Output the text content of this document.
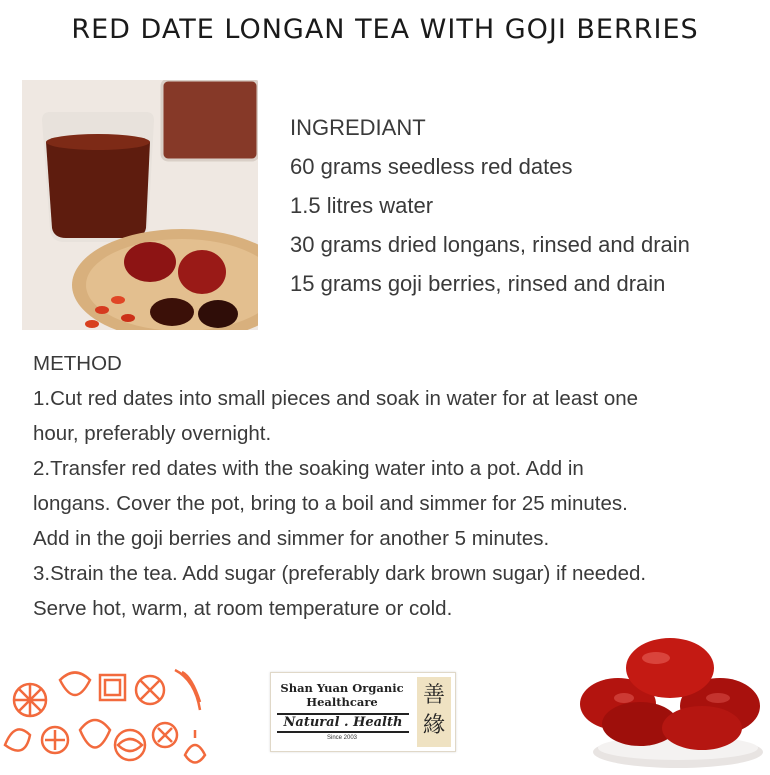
RED DATE LONGAN TEA WITH GOJI BERRIES
INGREDIANT
60 grams seedless red dates
1.5 litres water
30 grams dried longans, rinsed and drain
15 grams goji berries, rinsed and drain
METHOD
1.Cut red dates into small pieces and soak in water for at least one
hour, preferably overnight.
2.Transfer red dates with the soaking water into a pot. Add in
longans. Cover the pot, bring to a boil and simmer for 25 minutes.
Add in the goji berries and simmer for another 5 minutes.
3.Strain the tea. Add sugar (preferably dark brown sugar) if needed.
Serve hot, warm, at room temperature or cold.
Shan Yuan Organic Healthcare
Natural . Health
Since 2003
善緣
